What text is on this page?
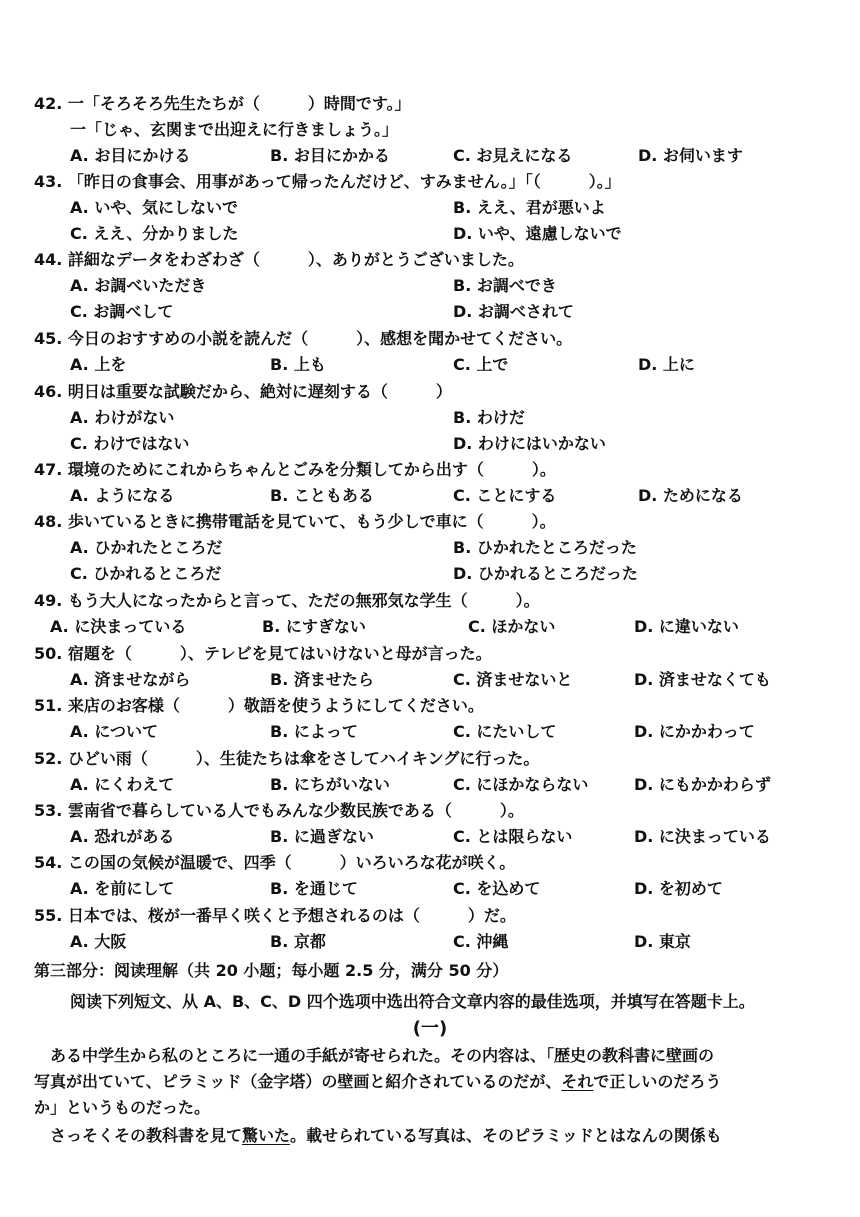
42. 一「そろそろ先生たちが（　　　）時間です。」
一「じゃ、玄関まで出迎えに行きましょう。」
A. お目にかける	B. お目にかかる	C. お見えになる	D. お伺います
43. 「昨日の食事会、用事があって帰ったんだけど、すみません。」「（　　　）。」
A. いや、気にしないで	B. ええ、君が悪いよ
C. ええ、分かりました	D. いや、遠慮しないで
44. 詳細なデータをわざわざ（　　　）、ありがとうございました。
A. お調べいただき	B. お調べでき
C. お調べして	D. お調べされて
45. 今日のおすすめの小説を読んだ（　　　）、感想を聞かせてください。
A. 上を	B. 上も	C. 上で	D. 上に
46. 明日は重要な試験だから、絶対に遅刻する（　　　）
A. わけがない	B. わけだ
C. わけではない	D. わけにはいかない
47. 環境のためにこれからちゃんとごみを分類してから出す（　　　）。
A. ようになる	B. こともある	C. ことにする	D. ためになる
48. 歩いているときに携帯電話を見ていて、もう少しで車に（　　　）。
A. ひかれたところだ	B. ひかれたところだった
C. ひかれるところだ	D. ひかれるところだった
49. もう大人になったからと言って、ただの無邪気な学生（　　　）。
A. に決まっている	B. にすぎない	C. ほかない	D. に違いない
50. 宿題を（　　　）、テレビを見てはいけないと母が言った。
A. 済ませながら	B. 済ませたら	C. 済ませないと	D. 済ませなくても
51. 来店のお客様（　　　）敬語を使うようにしてください。
A. について	B. によって	C. にたいして	D. にかかわって
52. ひどい雨（　　　）、生徒たちは傘をさしてハイキングに行った。
A. にくわえて	B. にちがいない	C. にほかならない	D. にもかかわらず
53. 雲南省で暮らしている人でもみんな少数民族である（　　　）。
A. 恐れがある	B. に過ぎない	C. とは限らない	D. に決まっている
54. この国の気候が温暖で、四季（　　　）いろいろな花が咲く。
A. を前にして	B. を通じて	C. を込めて	D. を初めて
55. 日本では、桜が一番早く咲くと予想されるのは（　　　）だ。
A. 大阪	B. 京都	C. 沖縄	D. 東京
第三部分：阅读理解（共 20 小题；每小题 2.5 分，满分 50 分）
阅读下列短文、从 A、B、C、D 四个选项中选出符合文章内容的最佳选项，并填写在答题卡上。
(一)
ある中学生から私のところに一通の手紙が寄せられた。その内容は、「歴史の教科書に壁画の
写真が出ていて、ピラミッド（金字塔）の壁画と紹介されているのだが、それで正しいのだろう
か」というものだった。
さっそくその教科書を見て驚いた。載せられている写真は、そのピラミッドとはなんの関係も
